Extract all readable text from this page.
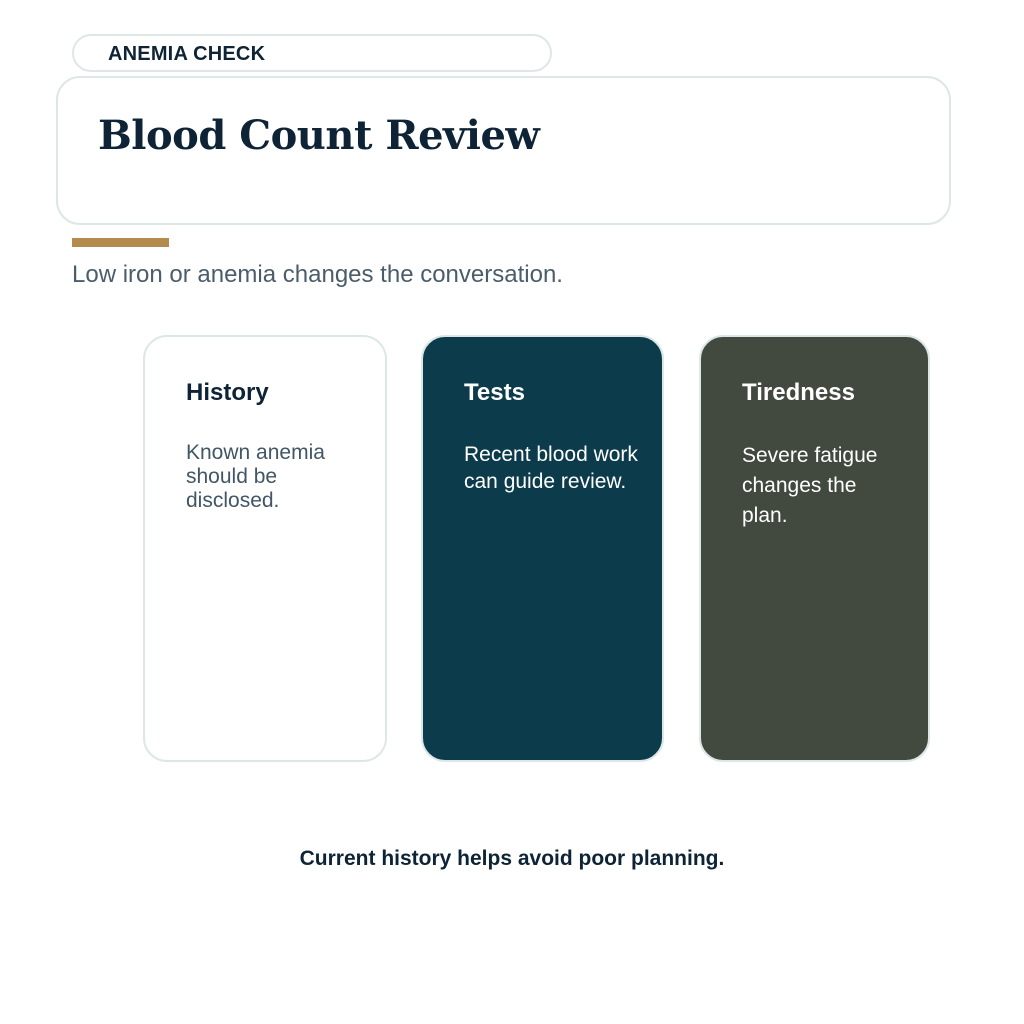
ANEMIA CHECK
Blood Count Review

Low iron or anemia changes the conversation.

History

Known anemia should be disclosed.

Tests

Recent blood work can guide review.

Tiredness

Severe fatigue changes the plan.

Current history helps avoid poor planning.
